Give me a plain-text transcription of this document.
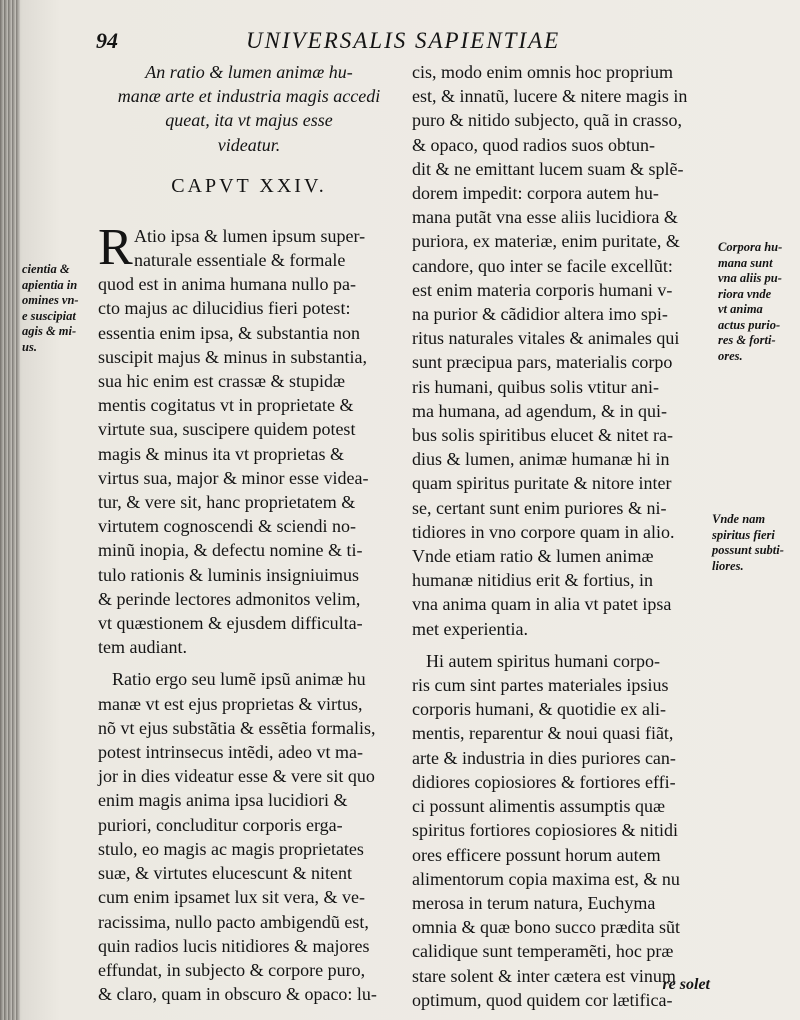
94	UNIVERSALIS SAPIENTIAE

An ratio & lumen animæ hu-
manæ arte et industria magis accedi
queat, ita vt majus esse
videatur.

CAPVT XXIV.
R Atio ipsa & lumen ipsum super-
naturale essentiale & formale
quod est in anima humana nullo pa-
cto majus ac dilucidius fieri potest:
essentia enim ipsa, & substantia non
suscipit majus & minus in substantia,
sua hic enim est crassæ & stupidæ
mentis cogitatus vt in proprietate &
virtute sua, suscipere quidem potest
magis & minus ita vt proprietas &
virtus sua, major & minor esse videa-
tur, & vere sit, hanc proprietatem &
virtutem cognoscendi & sciendi no-
minũ inopia, & defectu nomine & ti-
tulo rationis & luminis insigniuimus
& perinde lectores admonitos velim,
vt quæstionem & ejusdem difficulta-
tem audiant.
Ratio ergo seu lumẽ ipsũ animæ hu
manæ vt est ejus proprietas & virtus,
nõ vt ejus substãtia & essẽtia formalis,
potest intrinsecus intẽdi, adeo vt ma-
jor in dies videatur esse & vere sit quo
enim magis anima ipsa lucidiori &
puriori, concluditur corporis erga-
stulo, eo magis ac magis proprietates
suæ, & virtutes elucescunt & nitent
cum enim ipsamet lux sit vera, & ve-
racissima, nullo pacto ambigendũ est,
quin radios lucis nitidiores & majores
effundat, in subjecto & corpore puro,
& claro, quam in obscuro & opaco: lu-
cis, modo enim omnis hoc proprium
est, & innatũ, lucere & nitere magis in
puro & nitido subjecto, quã in crasso,
& opaco, quod radios suos obtun-
dit & ne emittant lucem suam & splẽ-
dorem impedit: corpora autem hu-
mana putãt vna esse aliis lucidiora &
puriora, ex materiæ, enim puritate, &
candore, quo inter se facile excellũt:
est enim materia corporis humani v-
na purior & cãdidior altera imo spi-
ritus naturales vitales & animales qui
sunt præcipua pars, materialis corpo
ris humani, quibus solis vtitur ani-
ma humana, ad agendum, & in qui-
bus solis spiritibus elucet & nitet ra-
dius & lumen, animæ humanæ hi in
quam spiritus puritate & nitore inter
se, certant sunt enim puriores & ni-
tidiores in vno corpore quam in alio.
Vnde etiam ratio & lumen animæ
humanæ nitidius erit & fortius, in
vna anima quam in alia vt patet ipsa
met experientia.
Hi autem spiritus humani corpo-
ris cum sint partes materiales ipsius
corporis humani, & quotidie ex ali-
mentis, reparentur & noui quasi fiãt,
arte & industria in dies puriores can-
didiores copiosiores & fortiores effi-
ci possunt alimentis assumptis quæ
spiritus fortiores copiosiores & nitidi
ores efficere possunt horum autem
alimentorum copia maxima est, & nu
merosa in terum natura, Euchyma
omnia & quæ bono succo prædita sũt
calidique sunt temperamẽti, hoc præ
stare solent & inter cætera est vinum
optimum, quod quidem cor lætifica-
re solet
cientia &
apientia in
omines vn-
e suscipiat
agis & mi-
us.
Corpora hu-
mana sunt
vna aliis pu-
riora vnde
vt anima
actus purio-
res & forti-
ores.
Vnde nam
spiritus fieri
possunt subti-
liores.
